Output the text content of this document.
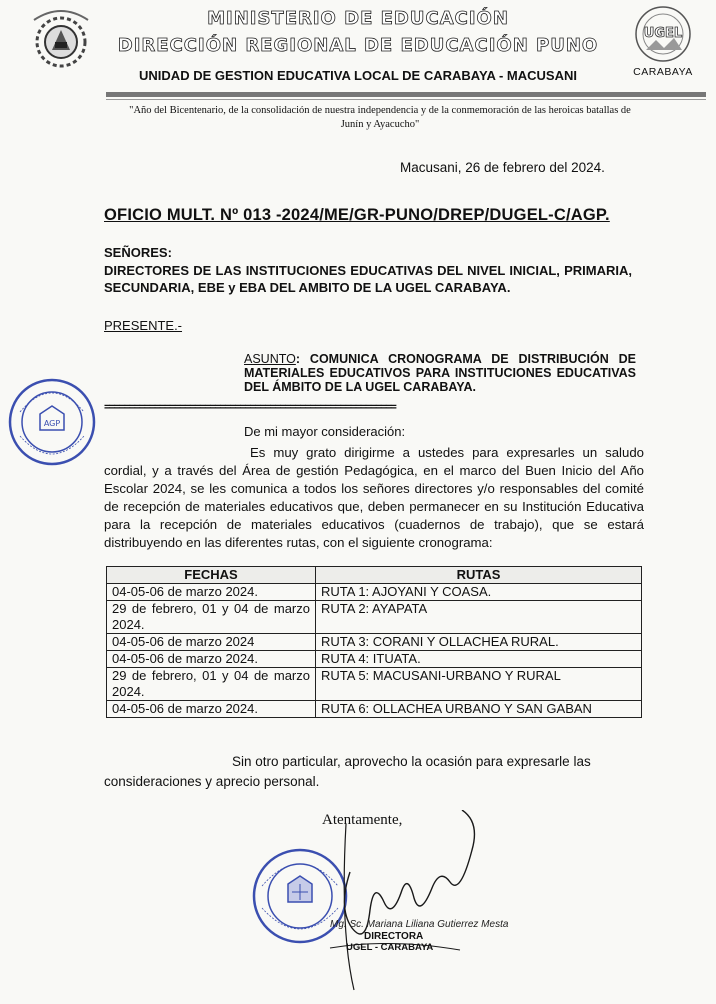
MINISTERIO DE EDUCACIÓN
DIRECCIÓN REGIONAL DE EDUCACIÓN PUNO
UNIDAD DE GESTION EDUCATIVA LOCAL DE CARABAYA - MACUSANI
UGEL
CARABAYA
"Año del Bicentenario, de la consolidación de nuestra independencia y de la conmemoración de las heroicas batallas de Junín y Ayacucho"
Macusani, 26 de febrero del 2024.
OFICIO MULT. Nº 013 -2024/ME/GR-PUNO/DREP/DUGEL-C/AGP.
SEÑORES:
DIRECTORES DE LAS INSTITUCIONES EDUCATIVAS DEL NIVEL INICIAL, PRIMARIA, SECUNDARIA, EBE y EBA DEL AMBITO DE LA UGEL CARABAYA.
PRESENTE.-
ASUNTO: COMUNICA CRONOGRAMA DE DISTRIBUCIÓN DE MATERIALES EDUCATIVOS PARA INSTITUCIONES EDUCATIVAS DEL ÁMBITO DE LA UGEL CARABAYA.
AGP
==========================================================
De mi mayor consideración:
Es muy grato dirigirme a ustedes para expresarles un saludo cordial, y a través del Área de gestión Pedagógica, en el marco del Buen Inicio del Año Escolar 2024, se les comunica a todos los señores directores y/o responsables del comité de recepción de materiales educativos que, deben permanecer en su Institución Educativa para la recepción de materiales educativos (cuadernos de trabajo), que se estará distribuyendo en las diferentes rutas, con el siguiente cronograma:
FECHAS	RUTAS
04-05-06 de marzo 2024.	RUTA 1: AJOYANI Y COASA.
29 de febrero, 01 y 04 de marzo 2024.	RUTA 2: AYAPATA
04-05-06 de marzo 2024	RUTA 3: CORANI Y OLLACHEA RURAL.
04-05-06 de marzo 2024.	RUTA 4: ITUATA.
29 de febrero, 01 y 04 de marzo 2024.	RUTA 5: MACUSANI-URBANO Y RURAL
04-05-06 de marzo 2024.	RUTA 6: OLLACHEA URBANO Y SAN GABAN
Sin otro particular, aprovecho la ocasión para expresarle las consideraciones y aprecio personal.
Atentamente,
Mg. Sc. Mariana Liliana Gutierrez Mesta
DIRECTORA
UGEL - CARABAYA
